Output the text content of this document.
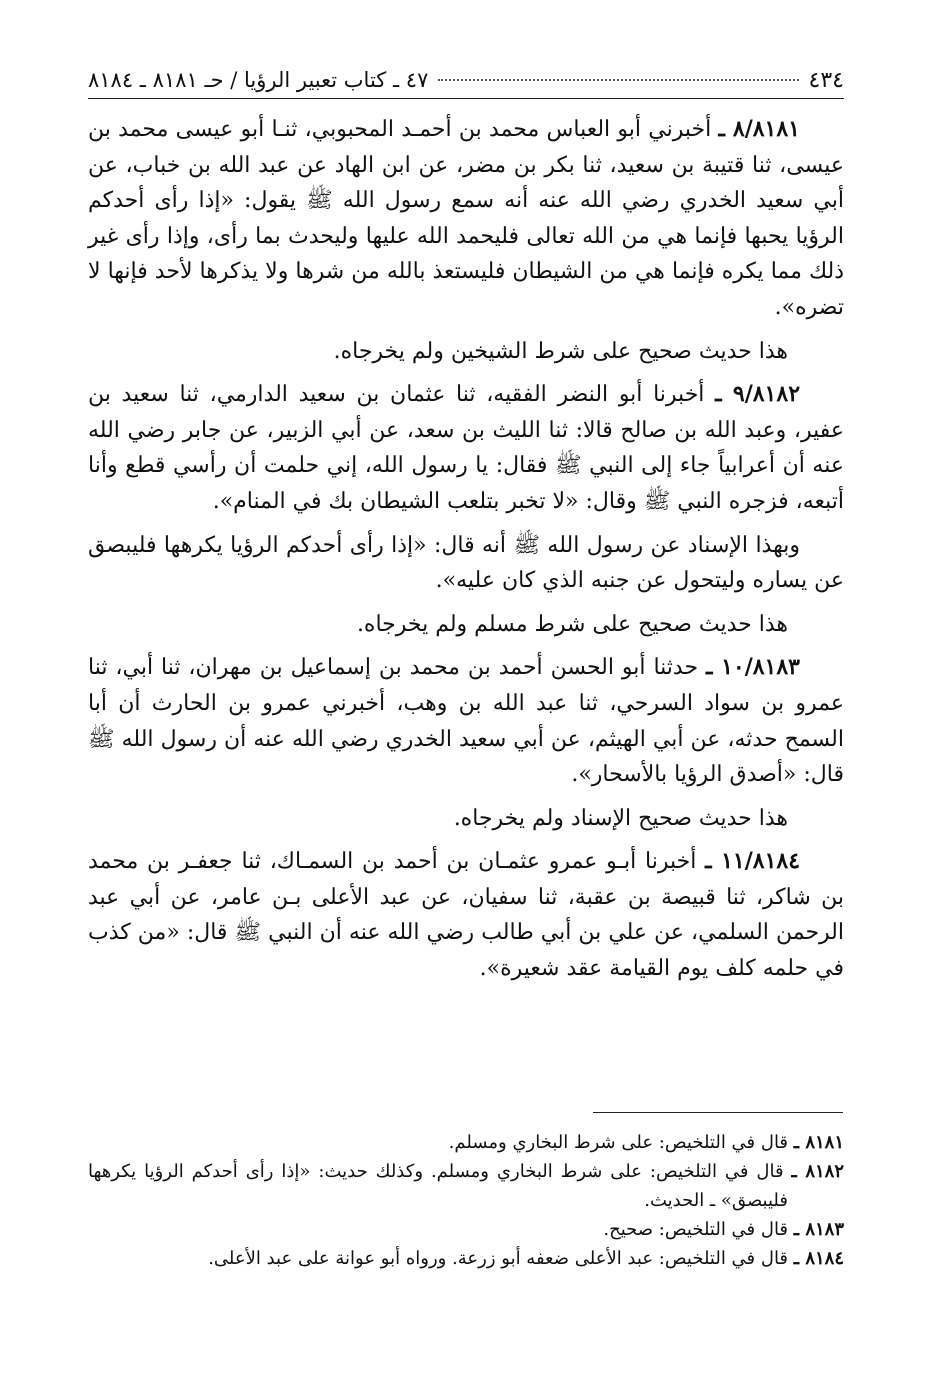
٤٣٤
٤٧ ـ كتاب تعبير الرؤيا / حـ ٨١٨١ ـ ٨١٨٤

٨/٨١٨١ ـ أخبرني أبو العباس محمد بن أحمـد المحبوبي، ثنـا أبو عيسى محمد بن عيسى، ثنا قتيبة بن سعيد، ثنا بكر بن مضر، عن ابن الهاد عن عبد الله بن خباب، عن أبي سعيد الخدري رضي الله عنه أنه سمع رسول الله ﷺ يقول: «إذا رأى أحدكم الرؤيا يحبها فإنما هي من الله تعالى فليحمد الله عليها وليحدث بما رأى، وإذا رأى غير ذلك مما يكره فإنما هي من الشيطان فليستعذ بالله من شرها ولا يذكرها لأحد فإنها لا تضره».

هذا حديث صحيح على شرط الشيخين ولم يخرجاه.

٩/٨١٨٢ ـ أخبرنا أبو النضر الفقيه، ثنا عثمان بن سعيد الدارمي، ثنا سعيد بن عفير، وعبد الله بن صالح قالا: ثنا الليث بن سعد، عن أبي الزبير، عن جابر رضي الله عنه أن أعرابياً جاء إلى النبي ﷺ فقال: يا رسول الله، إني حلمت أن رأسي قطع وأنا أتبعه، فزجره النبي ﷺ وقال: «لا تخبر بتلعب الشيطان بك في المنام».

وبهذا الإسناد عن رسول الله ﷺ أنه قال: «إذا رأى أحدكم الرؤيا يكرهها فليبصق عن يساره وليتحول عن جنبه الذي كان عليه».

هذا حديث صحيح على شرط مسلم ولم يخرجاه.

١٠/٨١٨٣ ـ حدثنا أبو الحسن أحمد بن محمد بن إسماعيل بن مهران، ثنا أبي، ثنا عمرو بن سواد السرحي، ثنا عبد الله بن وهب، أخبرني عمرو بن الحارث أن أبا السمح حدثه، عن أبي الهيثم، عن أبي سعيد الخدري رضي الله عنه أن رسول الله ﷺ قال: «أصدق الرؤيا بالأسحار».

هذا حديث صحيح الإسناد ولم يخرجاه.

١١/٨١٨٤ ـ أخبرنا أبـو عمرو عثمـان بن أحمد بن السمـاك، ثنا جعفـر بن محمد بن شاكر، ثنا قبيصة بن عقبة، ثنا سفيان، عن عبد الأعلى بـن عامر، عن أبي عبد الرحمن السلمي، عن علي بن أبي طالب رضي الله عنه أن النبي ﷺ قال: «من كذب في حلمه كلف يوم القيامة عقد شعيرة».

٨١٨١ ـ قال في التلخيص: على شرط البخاري ومسلم.

٨١٨٢ ـ قال في التلخيص: على شرط البخاري ومسلم. وكذلك حديث: «إذا رأى أحدكم الرؤيا يكرهها فليبصق» ـ الحديث.

٨١٨٣ ـ قال في التلخيص: صحيح.

٨١٨٤ ـ قال في التلخيص: عبد الأعلى ضعفه أبو زرعة. ورواه أبو عوانة على عبد الأعلى.
